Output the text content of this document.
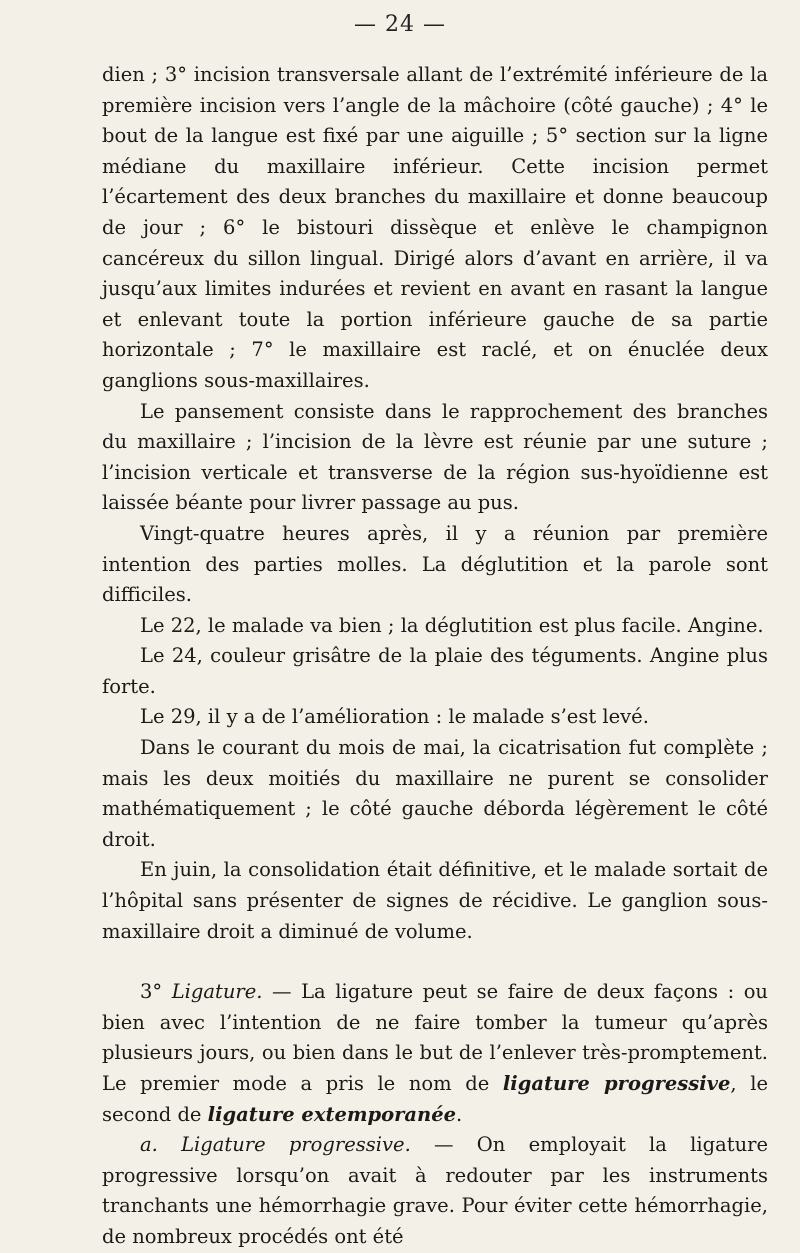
— 24 —

dien ; 3° incision transversale allant de l’extrémité inférieure de la première incision vers l’angle de la mâchoire (côté gauche) ; 4° le bout de la langue est fixé par une aiguille ; 5° section sur la ligne médiane du maxillaire inférieur. Cette incision permet l’écartement des deux branches du maxillaire et donne beaucoup de jour ; 6° le bistouri dissèque et enlève le champignon cancéreux du sillon lingual. Dirigé alors d’avant en arrière, il va jusqu’aux limites indurées et revient en avant en rasant la langue et enlevant toute la portion inférieure gauche de sa partie horizontale ; 7° le maxillaire est raclé, et on énuclée deux ganglions sous-maxillaires.

Le pansement consiste dans le rapprochement des branches du maxillaire ; l’incision de la lèvre est réunie par une suture ; l’incision verticale et transverse de la région sus-hyoïdienne est laissée béante pour livrer passage au pus.

Vingt-quatre heures après, il y a réunion par première intention des parties molles. La déglutition et la parole sont difficiles.

Le 22, le malade va bien ; la déglutition est plus facile. Angine.

Le 24, couleur grisâtre de la plaie des téguments. Angine plus forte.

Le 29, il y a de l’amélioration : le malade s’est levé.

Dans le courant du mois de mai, la cicatrisation fut complète ; mais les deux moitiés du maxillaire ne purent se consolider mathématiquement ; le côté gauche déborda légèrement le côté droit.

En juin, la consolidation était définitive, et le malade sortait de l’hôpital sans présenter de signes de récidive. Le ganglion sous-maxillaire droit a diminué de volume.

3° Ligature. — La ligature peut se faire de deux façons : ou bien avec l’intention de ne faire tomber la tumeur qu’après plusieurs jours, ou bien dans le but de l’enlever très-promptement. Le premier mode a pris le nom de ligature progressive, le second de ligature extemporanée.

a. Ligature progressive. — On employait la ligature progressive lorsqu’on avait à redouter par les instruments tranchants une hémorrhagie grave. Pour éviter cette hémorrhagie, de nombreux procédés ont été
